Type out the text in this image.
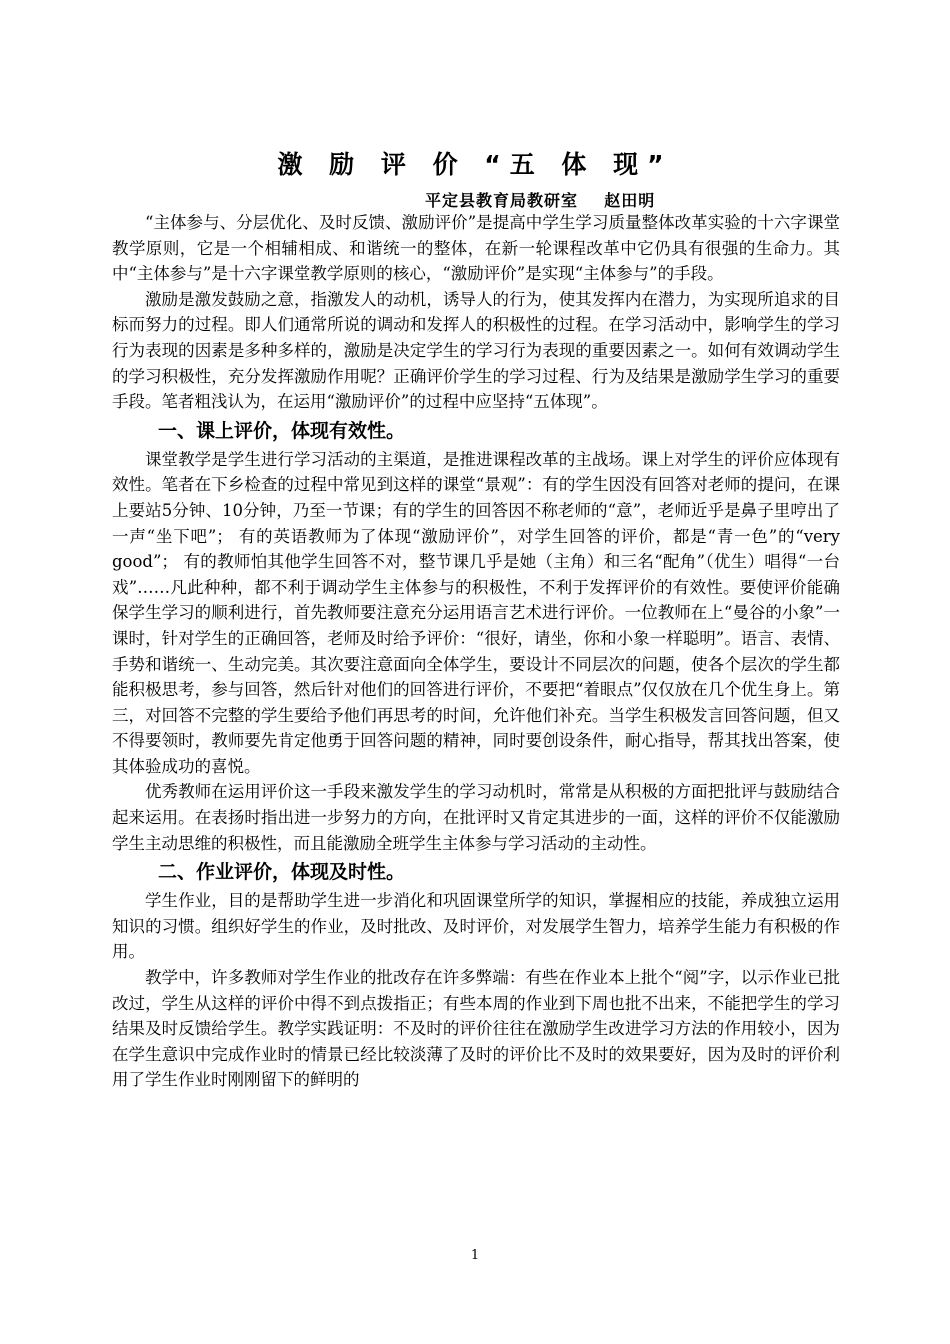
激 励 评 价 “五 体 现”
平定县教育局教研室    赵田明

“主体参与、分层优化、及时反馈、激励评价”是提高中学生学习质量整体改革实验的十六字课堂教学原则，它是一个相辅相成、和谐统一的整体，在新一轮课程改革中它仍具有很强的生命力。其中“主体参与”是十六字课堂教学原则的核心，“激励评价”是实现“主体参与”的手段。

激励是激发鼓励之意，指激发人的动机，诱导人的行为，使其发挥内在潜力，为实现所追求的目标而努力的过程。即人们通常所说的调动和发挥人的积极性的过程。在学习活动中，影响学生的学习行为表现的因素是多种多样的，激励是决定学生的学习行为表现的重要因素之一。如何有效调动学生的学习积极性，充分发挥激励作用呢？正确评价学生的学习过程、行为及结果是激励学生学习的重要手段。笔者粗浅认为，在运用“激励评价”的过程中应坚持“五体现”。

一、课上评价，体现有效性。

课堂教学是学生进行学习活动的主渠道，是推进课程改革的主战场。课上对学生的评价应体现有效性。笔者在下乡检查的过程中常见到这样的课堂“景观”：有的学生因没有回答对老师的提问，在课上要站5分钟、10分钟，乃至一节课；有的学生的回答因不称老师的“意”，老师近乎是鼻子里哼出了一声“坐下吧”； 有的英语教师为了体现“激励评价”，对学生回答的评价，都是“青一色”的“very good”； 有的教师怕其他学生回答不对，整节课几乎是她（主角）和三名“配角”（优生）唱得“一台戏”……凡此种种，都不利于调动学生主体参与的积极性，不利于发挥评价的有效性。要使评价能确保学生学习的顺利进行，首先教师要注意充分运用语言艺术进行评价。一位教师在上“曼谷的小象”一课时，针对学生的正确回答，老师及时给予评价：“很好，请坐，你和小象一样聪明”。语言、表情、手势和谐统一、生动完美。其次要注意面向全体学生，要设计不同层次的问题，使各个层次的学生都能积极思考，参与回答，然后针对他们的回答进行评价，不要把“着眼点”仅仅放在几个优生身上。第三，对回答不完整的学生要给予他们再思考的时间，允许他们补充。当学生积极发言回答问题，但又不得要领时，教师要先肯定他勇于回答问题的精神，同时要创设条件，耐心指导，帮其找出答案，使其体验成功的喜悦。

优秀教师在运用评价这一手段来激发学生的学习动机时，常常是从积极的方面把批评与鼓励结合起来运用。在表扬时指出进一步努力的方向，在批评时又肯定其进步的一面，这样的评价不仅能激励学生主动思维的积极性，而且能激励全班学生主体参与学习活动的主动性。

二、作业评价，体现及时性。

学生作业，目的是帮助学生进一步消化和巩固课堂所学的知识，掌握相应的技能，养成独立运用知识的习惯。组织好学生的作业，及时批改、及时评价，对发展学生智力，培养学生能力有积极的作用。

教学中，许多教师对学生作业的批改存在许多弊端：有些在作业本上批个“阅”字，以示作业已批改过，学生从这样的评价中得不到点拨指正；有些本周的作业到下周也批不出来，不能把学生的学习结果及时反馈给学生。教学实践证明：不及时的评价往往在激励学生改进学习方法的作用较小，因为在学生意识中完成作业时的情景已经比较淡薄了及时的评价比不及时的效果要好，因为及时的评价利用了学生作业时刚刚留下的鲜明的

1
